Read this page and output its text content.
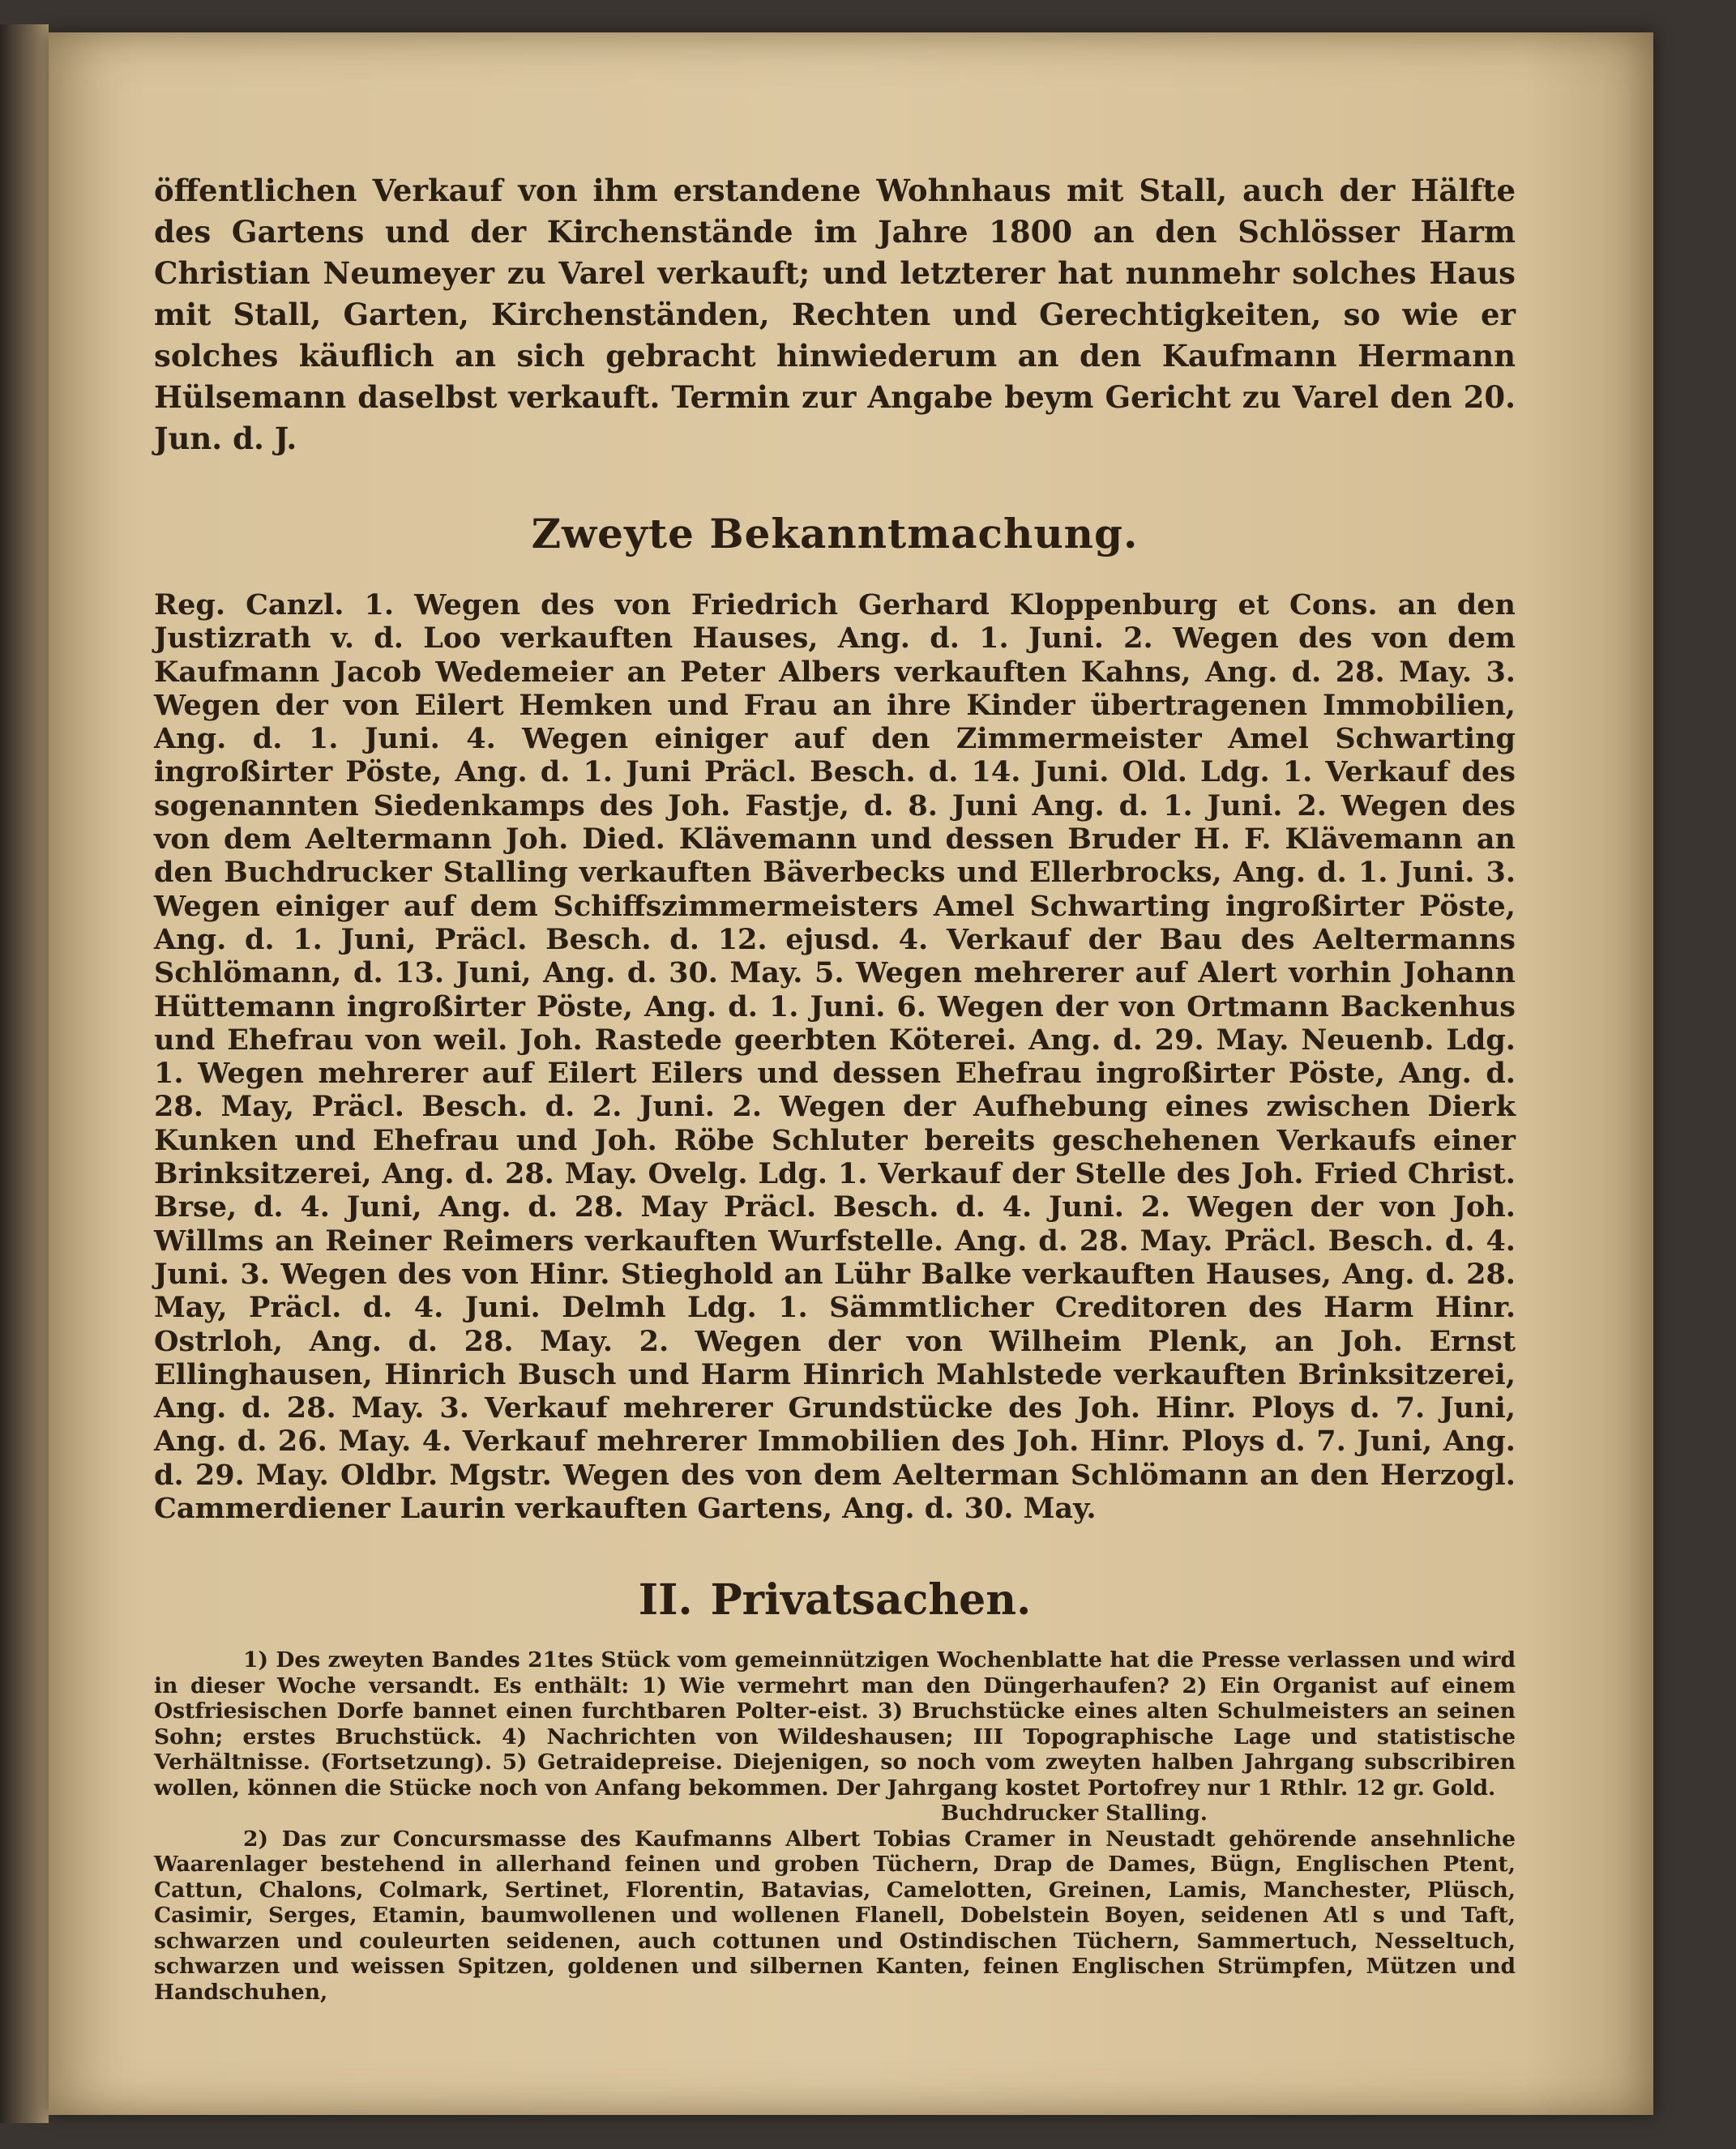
öffentlichen Verkauf von ihm erstandene Wohnhaus mit Stall, auch der Hälfte des Gartens und der Kirchenstände im Jahre 1800 an den Schlösser Harm Christian Neumeyer zu Varel verkauft; und letzterer hat nunmehr solches Haus mit Stall, Garten, Kirchenständen, Rechten und Gerechtigkeiten, so wie er solches käuflich an sich gebracht hinwiederum an den Kaufmann Hermann Hülsemann daselbst verkauft. Termin zur Angabe beym Gericht zu Varel den 20. Jun. d. J.

Zweyte Bekanntmachung.

Reg. Canzl. 1. Wegen des von Friedrich Gerhard Kloppenburg et Cons. an den Justizrath v. d. Loo verkauften Hauses, Ang. d. 1. Juni. 2. Wegen des von dem Kaufmann Jacob Wedemeier an Peter Albers verkauften Kahns, Ang. d. 28. May. 3. Wegen der von Eilert Hemken und Frau an ihre Kinder übertragenen Immobilien, Ang. d. 1. Juni. 4. Wegen einiger auf den Zimmermeister Amel Schwarting ingroßirter Pöste, Ang. d. 1. Juni Präcl. Besch. d. 14. Juni. Old. Ldg. 1. Verkauf des sogenannten Siedenkamps des Joh. Fastje, d. 8. Juni Ang. d. 1. Juni. 2. Wegen des von dem Aeltermann Joh. Died. Klävemann und dessen Bruder H. F. Klävemann an den Buchdrucker Stalling verkauften Bäverbecks und Ellerbrocks, Ang. d. 1. Juni. 3. Wegen einiger auf dem Schiffszimmermeisters Amel Schwarting ingroßirter Pöste, Ang. d. 1. Juni, Präcl. Besch. d. 12. ejusd. 4. Verkauf der Bau des Aeltermanns Schlömann, d. 13. Juni, Ang. d. 30. May. 5. Wegen mehrerer auf Alert vorhin Johann Hüttemann ingroßirter Pöste, Ang. d. 1. Juni. 6. Wegen der von Ortmann Backenhus und Ehefrau von weil. Joh. Rastede geerbten Köterei. Ang. d. 29. May. Neuenb. Ldg. 1. Wegen mehrerer auf Eilert Eilers und dessen Ehefrau ingroßirter Pöste, Ang. d. 28. May, Präcl. Besch. d. 2. Juni. 2. Wegen der Aufhebung eines zwischen Dierk Kunken und Ehefrau und Joh. Röbe Schluter bereits geschehenen Verkaufs einer Brinksitzerei, Ang. d. 28. May. Ovelg. Ldg. 1. Verkauf der Stelle des Joh. Fried Christ. Brse, d. 4. Juni, Ang. d. 28. May Präcl. Besch. d. 4. Juni. 2. Wegen der von Joh. Willms an Reiner Reimers verkauften Wurfstelle. Ang. d. 28. May. Präcl. Besch. d. 4. Juni. 3. Wegen des von Hinr. Stieghold an Lühr Balke verkauften Hauses, Ang. d. 28. May, Präcl. d. 4. Juni. Delmh Ldg. 1. Sämmtlicher Creditoren des Harm Hinr. Ostrloh, Ang. d. 28. May. 2. Wegen der von Wilheim Plenk, an Joh. Ernst Ellinghausen, Hinrich Busch und Harm Hinrich Mahlstede verkauften Brinksitzerei, Ang. d. 28. May. 3. Verkauf mehrerer Grundstücke des Joh. Hinr. Ploys d. 7. Juni, Ang. d. 26. May. 4. Verkauf mehrerer Immobilien des Joh. Hinr. Ploys d. 7. Juni, Ang. d. 29. May. Oldbr. Mgstr. Wegen des von dem Aelterman Schlömann an den Herzogl. Cammerdiener Laurin verkauften Gartens, Ang. d. 30. May.

II. Privatsachen.

1) Des zweyten Bandes 21tes Stück vom gemeinnützigen Wochenblatte hat die Presse verlassen und wird in dieser Woche versandt. Es enthält: 1) Wie vermehrt man den Düngerhaufen? 2) Ein Organist auf einem Ostfriesischen Dorfe bannet einen furchtbaren Polter-eist. 3) Bruchstücke eines alten Schulmeisters an seinen Sohn; erstes Bruchstück. 4) Nachrichten von Wildeshausen; III Topographische Lage und statistische Verhältnisse. (Fortsetzung). 5) Getraidepreise. Diejenigen, so noch vom zweyten halben Jahrgang subscribiren wollen, können die Stücke noch von Anfang bekommen. Der Jahrgang kostet Portofrey nur 1 Rthlr. 12 gr. Gold.

Buchdrucker Stalling.

2) Das zur Concursmasse des Kaufmanns Albert Tobias Cramer in Neustadt gehörende ansehnliche Waarenlager bestehend in allerhand feinen und groben Tüchern, Drap de Dames, Bügn, Englischen Ptent, Cattun, Chalons, Colmark, Sertinet, Florentin, Batavias, Camelotten, Greinen, Lamis, Manchester, Plüsch, Casimir, Serges, Etamin, baumwollenen und wollenen Flanell, Dobelstein Boyen, seidenen Atl s und Taft, schwarzen und couleurten seidenen, auch cottunen und Ostindischen Tüchern, Sammertuch, Nesseltuch, schwarzen und weissen Spitzen, goldenen und silbernen Kanten, feinen Englischen Strümpfen, Mützen und Handschuhen,
